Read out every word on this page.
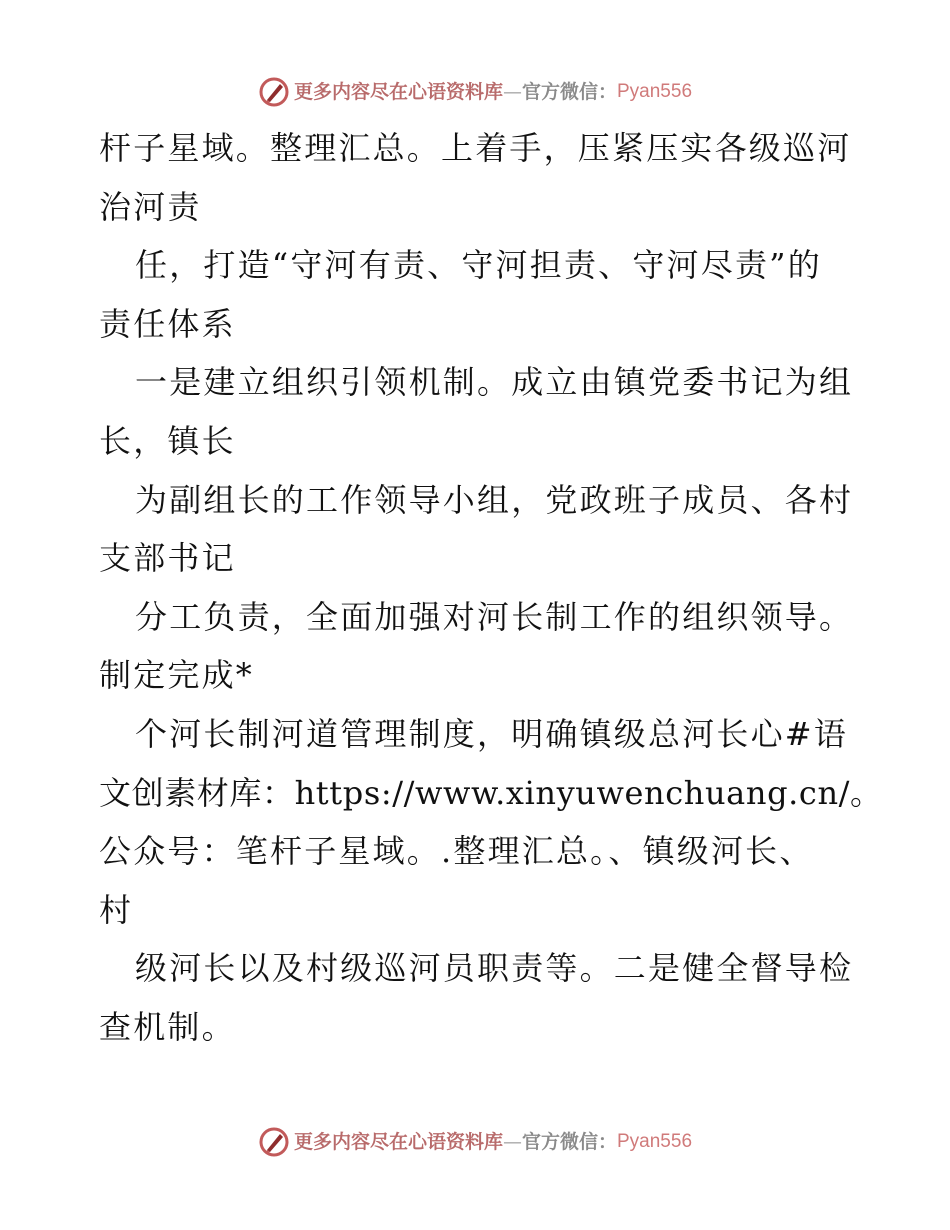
更多内容尽在心语资料库 — 官方微信： Pyan556
杆子星域。整理汇总。上着手，压紧压实各级巡河
治河责
任，打造“守河有责、守河担责、守河尽责”的
责任体系
一是建立组织引领机制。成立由镇党委书记为组
长，镇长
为副组长的工作领导小组，党政班子成员、各村
支部书记
分工负责，全面加强对河长制工作的组织领导。
制定完成*
个河长制河道管理制度，明确镇级总河长心#语
文创素材库：https://www.xinyuwenchuang.cn/。
公众号：笔杆子星域。.整理汇总。、镇级河长、
村
级河长以及村级巡河员职责等。二是健全督导检
查机制。
更多内容尽在心语资料库 — 官方微信： Pyan556
